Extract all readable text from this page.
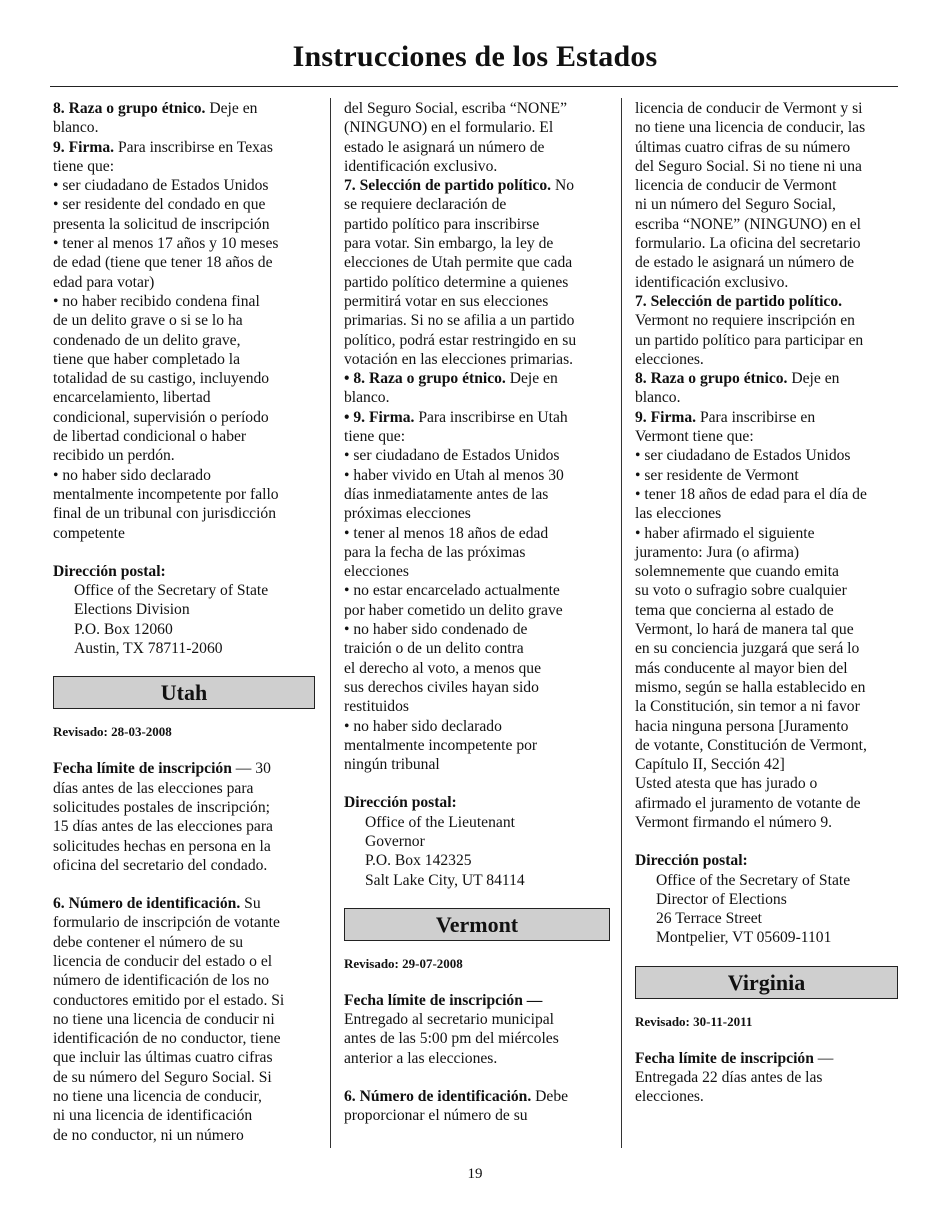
Instrucciones de los Estados

8. Raza o grupo étnico. Deje en

blanco.

9. Firma. Para inscribirse en Texas

tiene que:

• ser ciudadano de Estados Unidos

• ser residente del condado en que

presenta la solicitud de inscripción

• tener al menos 17 años y 10 meses

de edad (tiene que tener 18 años de

edad para votar)

• no haber recibido condena final

de un delito grave o si se lo ha

condenado de un delito grave,

tiene que haber completado la

totalidad de su castigo, incluyendo

encarcelamiento, libertad

condicional, supervisión o período

de libertad condicional o haber

recibido un perdón.

• no haber sido declarado

mentalmente incompetente por fallo

final de un tribunal con jurisdicción

competente

Dirección postal:

Office of the Secretary of State

Elections Division

P.O. Box 12060

Austin, TX 78711-2060

Utah

Revisado: 28-03-2008

Fecha límite de inscripción — 30

días antes de las elecciones para

solicitudes postales de inscripción;

15 días antes de las elecciones para

solicitudes hechas en persona en la

oficina del secretario del condado.

6. Número de identificación. Su

formulario de inscripción de votante

debe contener el número de su

licencia de conducir del estado o el

número de identificación de los no

conductores emitido por el estado. Si

no tiene una licencia de conducir ni

identificación de no conductor, tiene

que incluir las últimas cuatro cifras

de su número del Seguro Social. Si

no tiene una licencia de conducir,

ni una licencia de identificación

de no conductor, ni un número

del Seguro Social, escriba “NONE”

(NINGUNO) en el formulario. El

estado le asignará un número de

identificación exclusivo.

7. Selección de partido político. No

se requiere declaración de

partido político para inscribirse

para votar. Sin embargo, la ley de

elecciones de Utah permite que cada

partido político determine a quienes

permitirá votar en sus elecciones

primarias. Si no se afilia a un partido

político, podrá estar restringido en su

votación en las elecciones primarias.

• 8. Raza o grupo étnico. Deje en

blanco.

• 9. Firma. Para inscribirse en Utah

tiene que:

• ser ciudadano de Estados Unidos

• haber vivido en Utah al menos 30

días inmediatamente antes de las

próximas elecciones

• tener al menos 18 años de edad

para la fecha de las próximas

elecciones

• no estar encarcelado actualmente

por haber cometido un delito grave

• no haber sido condenado de

traición o de un delito contra

el derecho al voto, a menos que

sus derechos civiles hayan sido

restituidos

• no haber sido declarado

mentalmente incompetente por

ningún tribunal

Dirección postal:

Office of the Lieutenant

Governor

P.O. Box 142325

Salt Lake City, UT 84114

Vermont

Revisado: 29-07-2008

Fecha límite de inscripción —

Entregado al secretario municipal

antes de las 5:00 pm del miércoles

anterior a las elecciones.

6. Número de identificación. Debe

proporcionar el número de su

licencia de conducir de Vermont y si

no tiene una licencia de conducir, las

últimas cuatro cifras de su número

del Seguro Social. Si no tiene ni una

licencia de conducir de Vermont

ni un número del Seguro Social,

escriba “NONE” (NINGUNO) en el

formulario. La oficina del secretario

de estado le asignará un número de

identificación exclusivo.

7. Selección de partido político.

Vermont no requiere inscripción en

un partido político para participar en

elecciones.

8. Raza o grupo étnico. Deje en

blanco.

9. Firma. Para inscribirse en

Vermont tiene que:

• ser ciudadano de Estados Unidos

• ser residente de Vermont

• tener 18 años de edad para el día de

las elecciones

• haber afirmado el siguiente

juramento: Jura (o afirma)

solemnemente que cuando emita

su voto o sufragio sobre cualquier

tema que concierna al estado de

Vermont, lo hará de manera tal que

en su conciencia juzgará que será lo

más conducente al mayor bien del

mismo, según se halla establecido en

la Constitución, sin temor a ni favor

hacia ninguna persona [Juramento

de votante, Constitución de Vermont,

Capítulo II, Sección 42]

Usted atesta que has jurado o

afirmado el juramento de votante de

Vermont firmando el número 9.

Dirección postal:

Office of the Secretary of State

Director of Elections

26 Terrace Street

Montpelier, VT 05609-1101

Virginia

Revisado: 30-11-2011

Fecha límite de inscripción —

Entregada 22 días antes de las

elecciones.

19
